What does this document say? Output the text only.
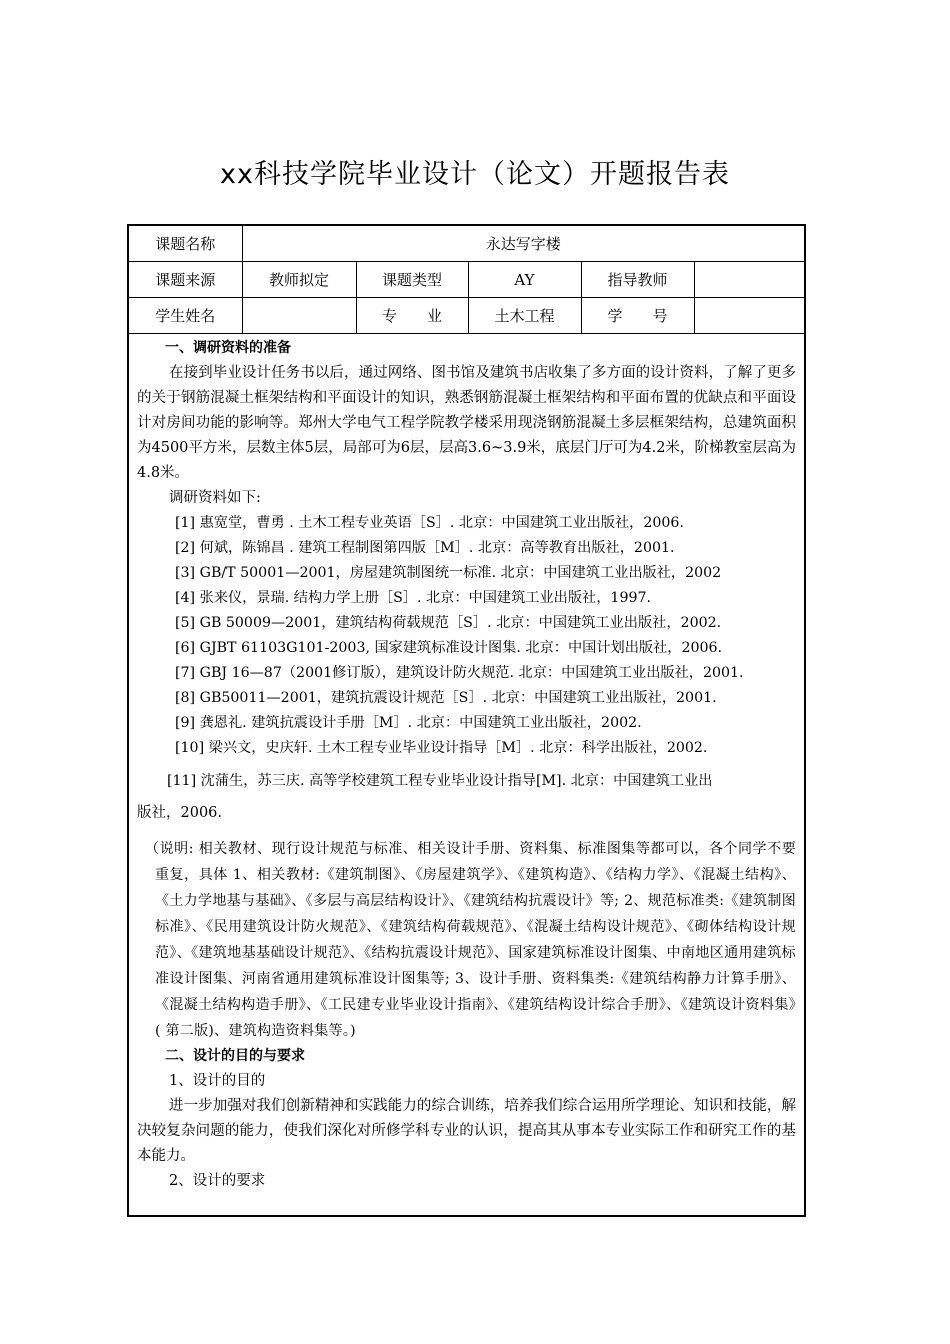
xx科技学院毕业设计（论文）开题报告表
课题名称	永达写字楼				
课题来源	教师拟定	课题类型	AY	指导教师	
学生姓名		专　　业	土木工程	学　　号	
一、调研资料的准备
在接到毕业设计任务书以后，通过网络、图书馆及建筑书店收集了多方面的设计资料，了解了更多的关于钢筋混凝土框架结构和平面设计的知识，熟悉钢筋混凝土框架结构和平面布置的优缺点和平面设计对房间功能的影响等。郑州大学电气工程学院教学楼采用现浇钢筋混凝土多层框架结构，总建筑面积为4500平方米，层数主体5层，局部可为6层，层高3.6~3.9米，底层门厅可为4.2米，阶梯教室层高为4.8米。
调研资料如下:
[1] 惠宽堂，曹勇 . 土木工程专业英语［S］. 北京：中国建筑工业出版社，2006.
[2] 何斌，陈锦昌 . 建筑工程制图第四版［M］. 北京：高等教育出版社，2001.
[3] GB/T 50001—2001，房屋建筑制图统一标准. 北京：中国建筑工业出版社，2002
[4] 张来仪，景瑞. 结构力学上册［S］. 北京：中国建筑工业出版社，1997.
[5] GB 50009—2001，建筑结构荷载规范［S］. 北京：中国建筑工业出版社，2002.
[6] GJBT 61103G101-2003, 国家建筑标准设计图集. 北京：中国计划出版社，2006.
[7] GBJ 16—87（2001修订版），建筑设计防火规范. 北京：中国建筑工业出版社，2001.
[8] GB50011—2001，建筑抗震设计规范［S］. 北京：中国建筑工业出版社，2001.
[9] 龚恩礼. 建筑抗震设计手册［M］. 北京：中国建筑工业出版社，2002.
[10] 梁兴文，史庆轩. 土木工程专业毕业设计指导［M］. 北京：科学出版社，2002.
[11] 沈蒲生，苏三庆. 高等学校建筑工程专业毕业设计指导[M]. 北京：中国建筑工业出
版社，2006.
（说明: 相关教材、现行设计规范与标准、相关设计手册、资料集、标准图集等都可以，各个同学不要重复，具体 1、相关教材:《建筑制图》、《房屋建筑学》、《建筑构造》、《结构力学》、《混凝土结构》、《土力学地基与基础》、《多层与高层结构设计》、《建筑结构抗震设计》等; 2、规范标准类:《建筑制图标准》、《民用建筑设计防火规范》、《建筑结构荷载规范》、《混凝土结构设计规范》、《砌体结构设计规范》、《建筑地基基础设计规范》、《结构抗震设计规范》、国家建筑标准设计图集、中南地区通用建筑标准设计图集、河南省通用建筑标准设计图集等; 3、设计手册、资料集类:《建筑结构静力计算手册》、《混凝土结构构造手册》、《工民建专业毕业设计指南》、《建筑结构设计综合手册》、《建筑设计资料集》( 第二版)、建筑构造资料集等。)
二、设计的目的与要求
1、设计的目的
进一步加强对我们创新精神和实践能力的综合训练，培养我们综合运用所学理论、知识和技能，解决较复杂问题的能力，使我们深化对所修学科专业的认识，提高其从事本专业实际工作和研究工作的基本能力。
2、设计的要求
